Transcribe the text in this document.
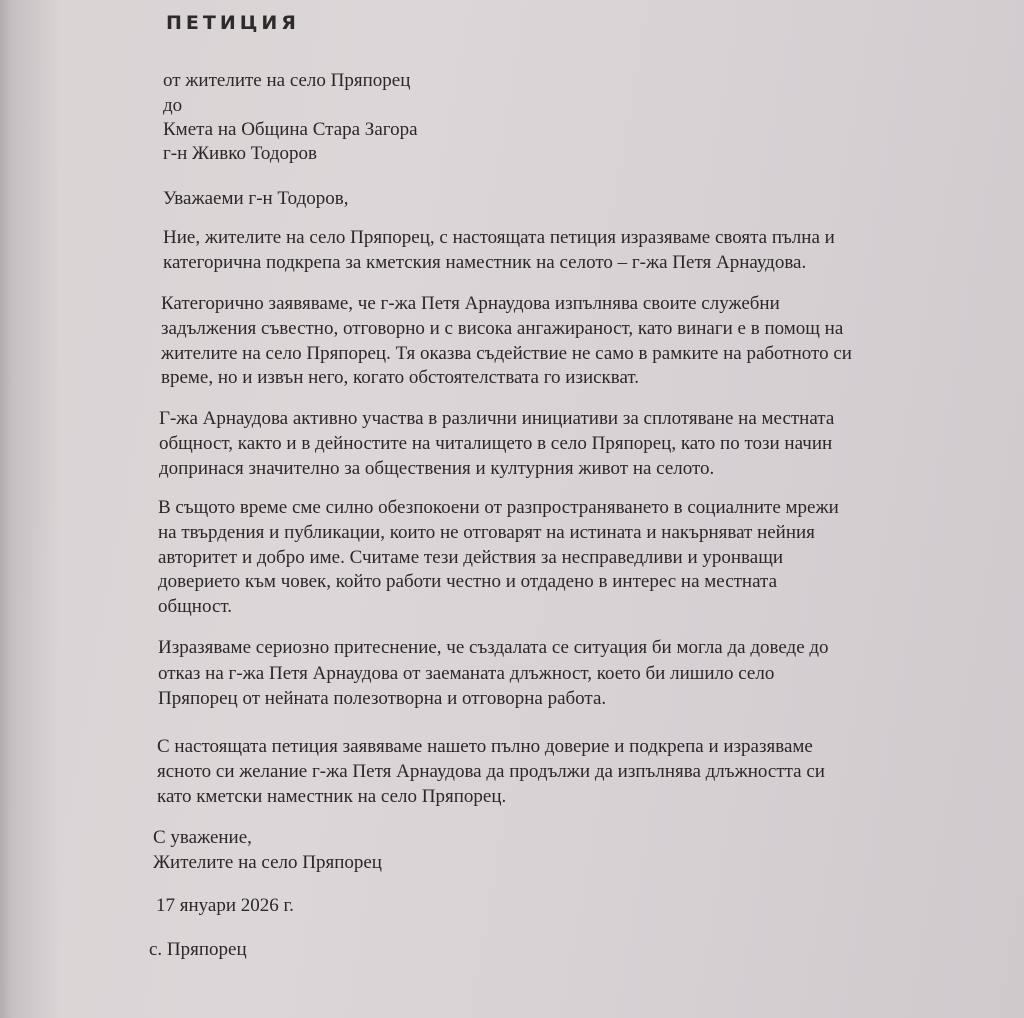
ПЕТИЦИЯ

от жителите на село Пряпорец

до

Кмета на Община Стара Загора

г-н Живко Тодоров

Уважаеми г-н Тодоров,

Ние, жителите на село Пряпорец, с настоящата петиция изразяваме своята пълна и

категорична подкрепа за кметския наместник на селото – г-жа Петя Арнаудова.

Категорично заявяваме, че г-жа Петя Арнаудова изпълнява своите служебни

задължения съвестно, отговорно и с висока ангажираност, като винаги е в помощ на

жителите на село Пряпорец. Тя оказва съдействие не само в рамките на работното си

време, но и извън него, когато обстоятелствата го изискват.

Г-жа Арнаудова активно участва в различни инициативи за сплотяване на местната

общност, както и в дейностите на читалището в село Пряпорец, като по този начин

допринася значително за обществения и културния живот на селото.

В същото време сме силно обезпокоени от разпространяването в социалните мрежи

на твърдения и публикации, които не отговарят на истината и накърняват нейния

авторитет и добро име. Считаме тези действия за несправедливи и уронващи

доверието към човек, който работи честно и отдадено в интерес на местната

общност.

Изразяваме сериозно притеснение, че създалата се ситуация би могла да доведе до

отказ на г-жа Петя Арнаудова от заеманата длъжност, което би лишило село

Пряпорец от нейната полезотворна и отговорна работа.

С настоящата петиция заявяваме нашето пълно доверие и подкрепа и изразяваме

ясното си желание г-жа Петя Арнаудова да продължи да изпълнява длъжността си

като кметски наместник на село Пряпорец.

С уважение,

Жителите на село Пряпорец

17 януари 2026 г.

с. Пряпорец
